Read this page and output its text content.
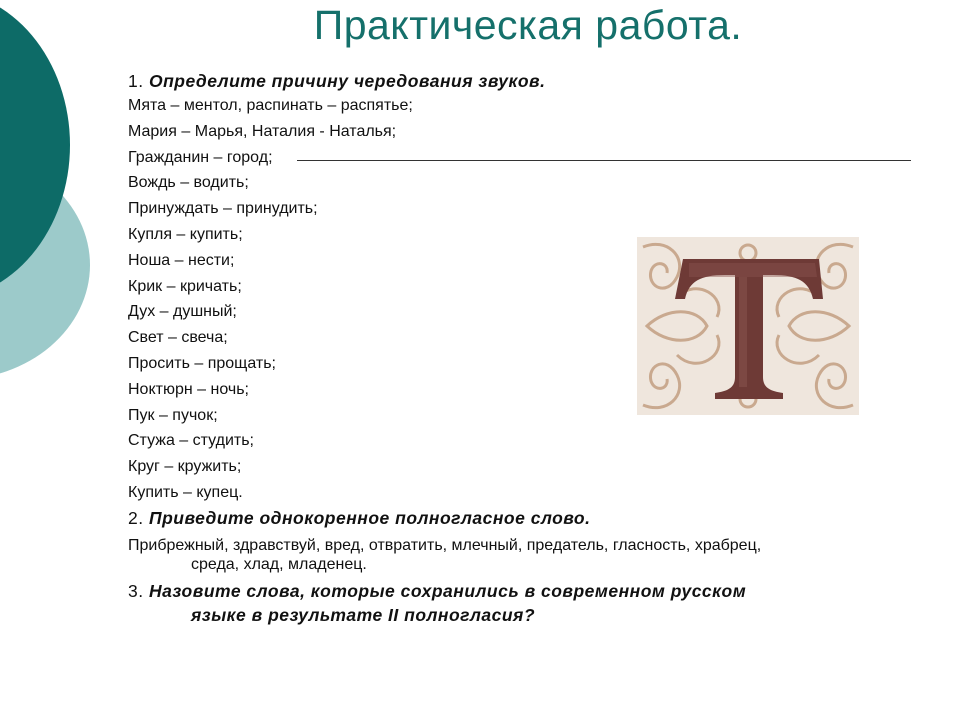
Практическая работа.

1. Определите причину чередования звуков.

Мята – ментол, распинать – распятье;

Мария – Марья, Наталия - Наталья;

Гражданин – город;

Вождь – водить;

Принуждать – принудить;

Купля – купить;

Ноша – нести;

Крик – кричать;

Дух – душный;

Свет – свеча;

Просить – прощать;

Ноктюрн – ночь;

Пук – пучок;

Стужа – студить;

Круг – кружить;

Купить – купец.

2. Приведите однокоренное полногласное слово.

Прибрежный, здравствуй, вред, отвратить, млечный, предатель, гласность, храбрец,
среда, хлад, младенец.

3. Назовите слова, которые сохранились в современном русском
языке в результате II полногласия?
